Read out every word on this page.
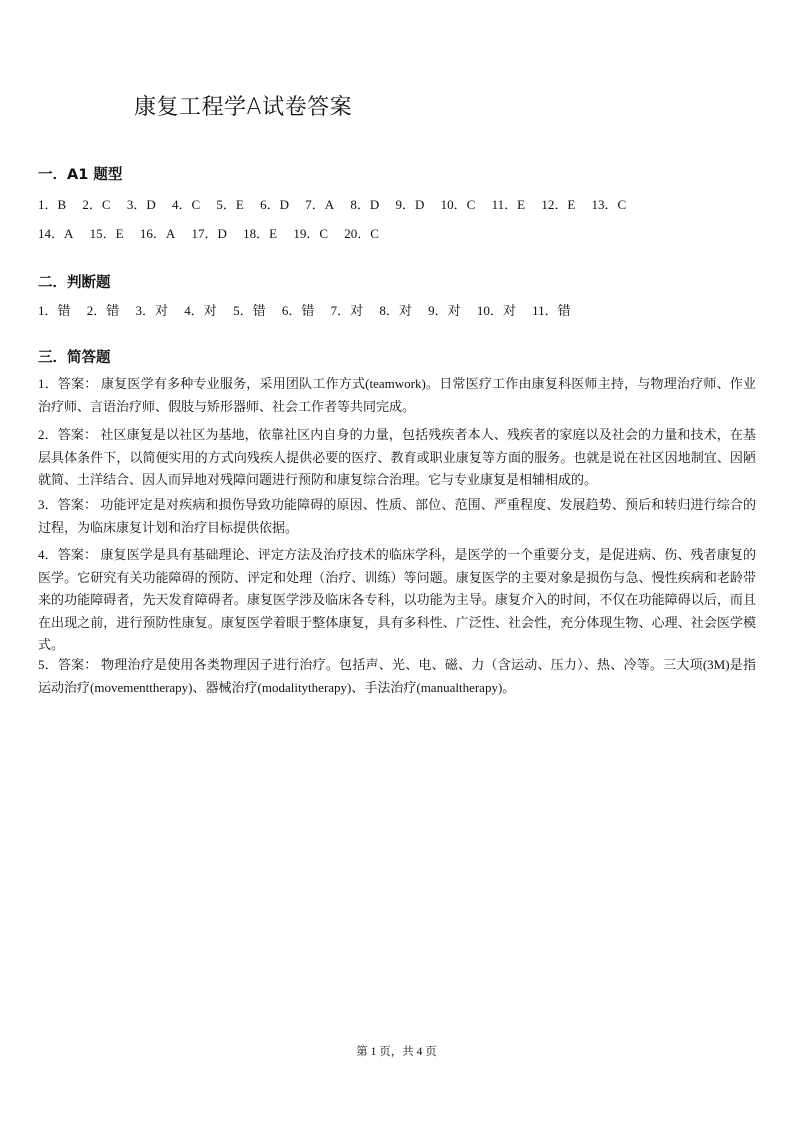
康复工程学A试卷答案
一．A1 题型
1．B 2．C 3．D 4．C 5．E 6．D 7．A 8．D 9．D 10．C 11．E 12．E 13．C
14．A 15．E 16．A 17．D 18．E 19．C 20．C
二．判断题
1．错 2．错 3．对 4．对 5．错 6．错 7．对 8．对 9．对 10．对 11．错
三．简答题
1．答案： 康复医学有多种专业服务，采用团队工作方式(teamwork)。日常医疗工作由康复科医师主持，与物理治疗师、作业治疗师、言语治疗师、假肢与矫形器师、社会工作者等共同完成。
2．答案： 社区康复是以社区为基地，依靠社区内自身的力量，包括残疾者本人、残疾者的家庭以及社会的力量和技术，在基层具体条件下，以简便实用的方式向残疾人提供必要的医疗、教育或职业康复等方面的服务。也就是说在社区因地制宜、因陋就简、土洋结合、因人而异地对残障问题进行预防和康复综合治理。它与专业康复是相辅相成的。
3．答案： 功能评定是对疾病和损伤导致功能障碍的原因、性质、部位、范围、严重程度、发展趋势、预后和转归进行综合的过程，为临床康复计划和治疗目标提供依据。
4．答案： 康复医学是具有基础理论、评定方法及治疗技术的临床学科，是医学的一个重要分支，是促进病、伤、残者康复的医学。它研究有关功能障碍的预防、评定和处理（治疗、训练）等问题。康复医学的主要对象是损伤与急、慢性疾病和老龄带来的功能障碍者，先天发育障碍者。康复医学涉及临床各专科，以功能为主导。康复介入的时间，不仅在功能障碍以后，而且在出现之前，进行预防性康复。康复医学着眼于整体康复，具有多科性、广泛性、社会性，充分体现生物、心理、社会医学模式。
5．答案： 物理治疗是使用各类物理因子进行治疗。包括声、光、电、磁、力（含运动、压力）、热、冷等。三大项(3M)是指运动治疗(movementtherapy)、器械治疗(modalitytherapy)、手法治疗(manualtherapy)。
第 1 页，共 4 页
